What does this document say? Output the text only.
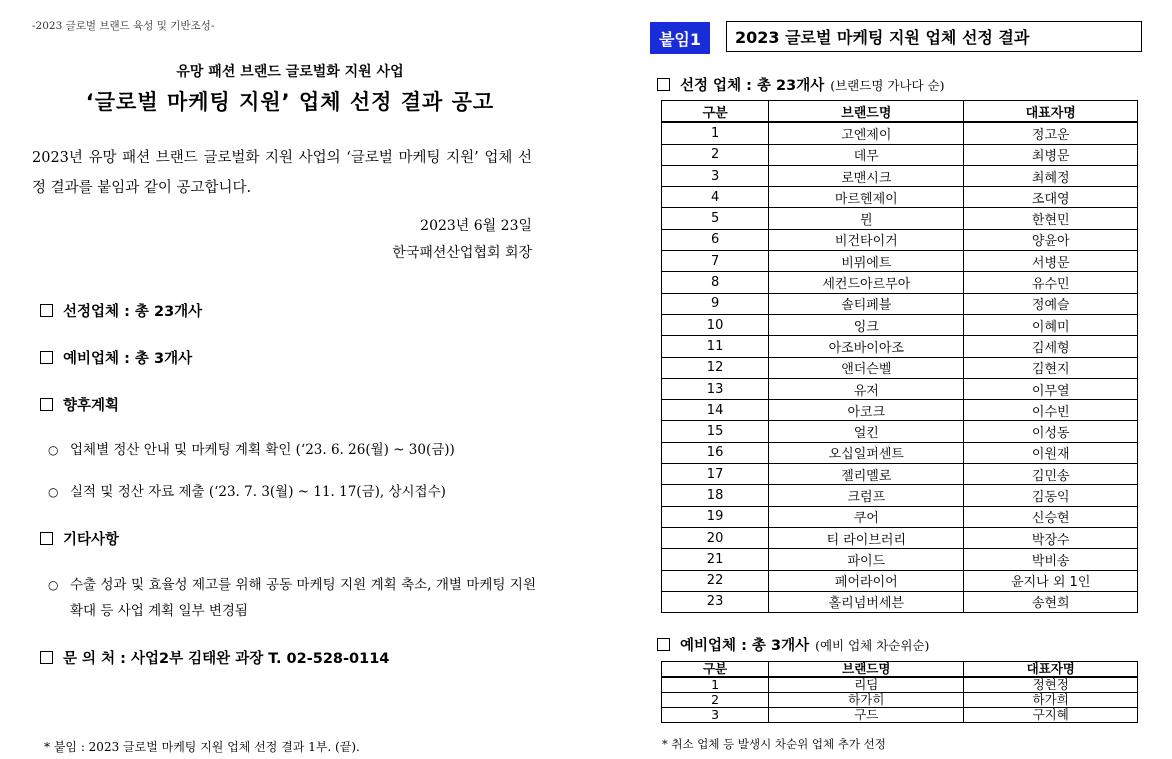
-2023 글로벌 브랜드 육성 및 기반조성-
유망 패션 브랜드 글로벌화 지원 사업
‘글로벌 마케팅 지원’ 업체 선정 결과 공고
2023년 유망 패션 브랜드 글로벌화 지원 사업의 ‘글로벌 마케팅 지원’ 업체 선정 결과를 붙임과 같이 공고합니다.
2023년 6월 23일
한국패션산업협회 회장
선정업체 : 총 23개사
예비업체 : 총 3개사
향후계획
○ 업체별 정산 안내 및 마케팅 계획 확인 (‘23. 6. 26(월) ~ 30(금))
○ 실적 및 정산 자료 제출 (‘23. 7. 3(월) ~ 11. 17(금), 상시접수)
기타사항
○ 수출 성과 및 효율성 제고를 위해 공동 마케팅 지원 계획 축소, 개별 마케팅 지원 확대 등 사업 계획 일부 변경됨
문 의 처 : 사업2부 김태완 과장 T. 02-528-0114
* 붙임 : 2023 글로벌 마케팅 지원 업체 선정 결과 1부. (끝).
붙임1	2023 글로벌 마케팅 지원 업체 선정 결과
선정 업체 : 총 23개사 (브랜드명 가나다 순)
구분	브랜드명	대표자명
1	고엔제이	정고운
2	데무	최병문
3	로맨시크	최혜정
4	마르헨제이	조대영
5	뮌	한현민
6	비건타이거	양윤아
7	비뮈에트	서병문
8	세컨드아르무아	유수민
9	솔티페블	정예슬
10	잉크	이혜미
11	아조바이아조	김세형
12	앤더슨벨	김현지
13	유저	이무열
14	아코크	이수빈
15	얼킨	이성동
16	오십일퍼센트	이원재
17	젤리멜로	김민송
18	크럼프	김동익
19	쿠어	신승현
20	티 라이브러리	박장수
21	파이드	박비송
22	페어라이어	윤지나 외 1인
23	홀리넘버세븐	송현희
예비업체 : 총 3개사 (예비 업체 차순위순)
구분	브랜드명	대표자명
1	리딤	정현정
2	하가히	하가희
3	구드	구지혜
* 취소 업체 등 발생시 차순위 업체 추가 선정
